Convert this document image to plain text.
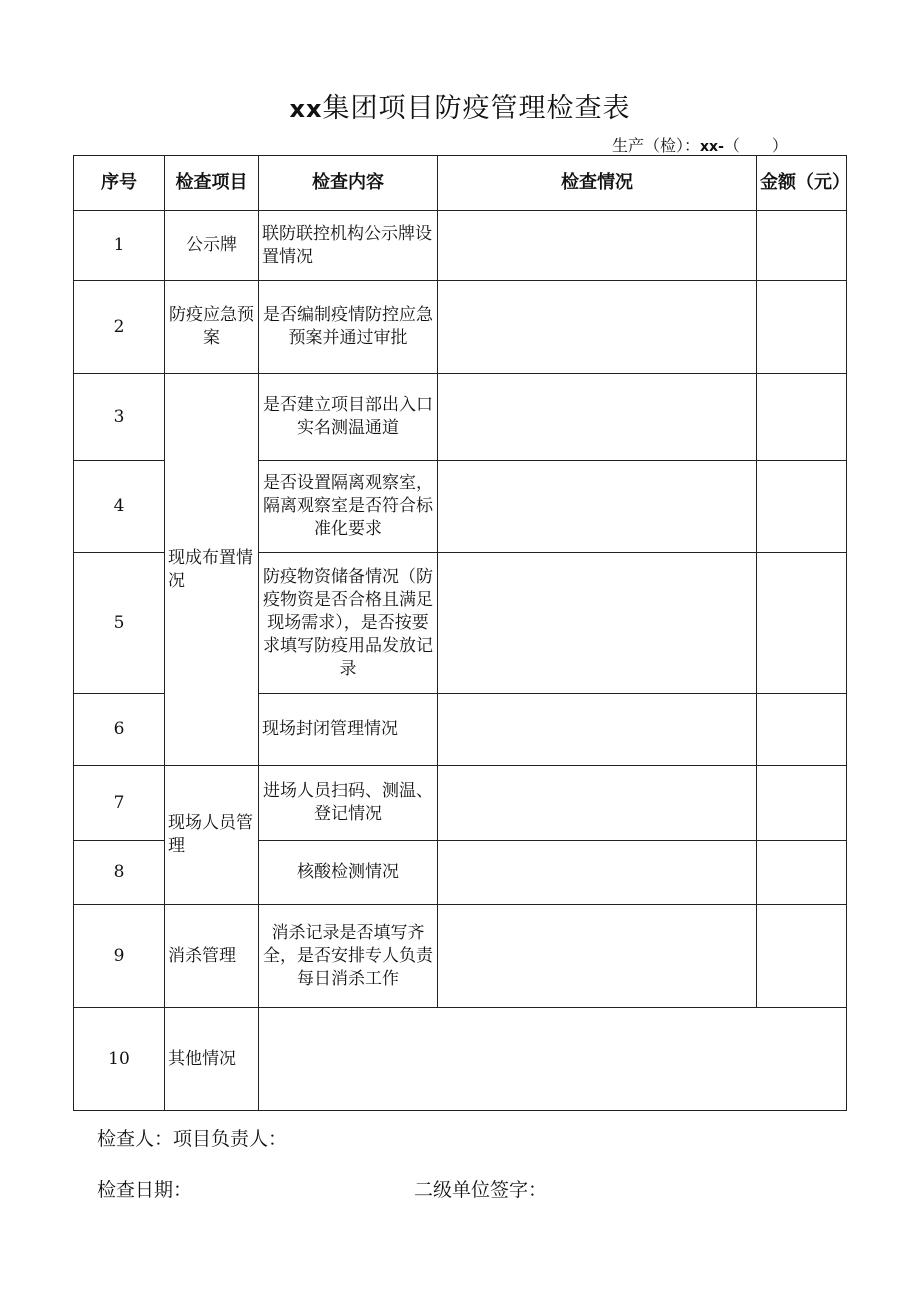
xx集团项目防疫管理检查表
生产（检）：xx-（　　）
序号	检查项目	检查内容	检查情况	金额（元）
1	公示牌	联防联控机构公示牌设置情况		
2	防疫应急预案	是否编制疫情防控应急预案并通过审批		
3	现成布置情况	是否建立项目部出入口实名测温通道		
4		是否设置隔离观察室，隔离观察室是否符合标准化要求		
5		防疫物资储备情况（防疫物资是否合格且满足现场需求），是否按要求填写防疫用品发放记录		
6		现场封闭管理情况		
7	现场人员管理	进场人员扫码、测温、登记情况		
8		核酸检测情况		
9	消杀管理	消杀记录是否填写齐全，是否安排专人负责每日消杀工作		
10	其他情况			
检查人：项目负责人：
检查日期：	二级单位签字：
